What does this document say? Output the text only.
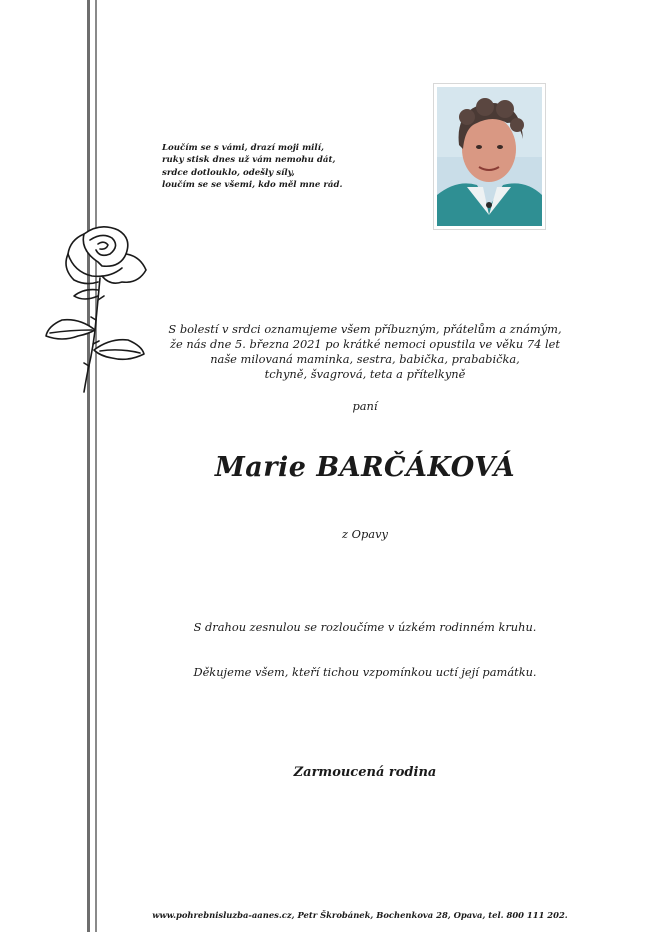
Loučím se s vámi, drazí moji milí,
ruky stisk dnes už vám nemohu dát,
srdce dotlouklo, odešly síly,
loučím se se všemi, kdo měl mne rád.
S bolestí v srdci oznamujeme všem příbuzným, přátelům a známým,
že nás dne 5. března 2021 po krátké nemoci opustila ve věku 74 let
naše milovaná maminka, sestra, babička, prababička,
tchyně, švagrová, teta a přítelkyně
paní
Marie BARČÁKOVÁ
z Opavy
S drahou zesnulou se rozloučíme v úzkém rodinném kruhu.
Děkujeme všem, kteří tichou vzpomínkou uctí její památku.
Zarmoucená rodina
www.pohrebnisluzba-aanes.cz, Petr Škrobánek, Bochenkova 28, Opava, tel. 800 111 202.
